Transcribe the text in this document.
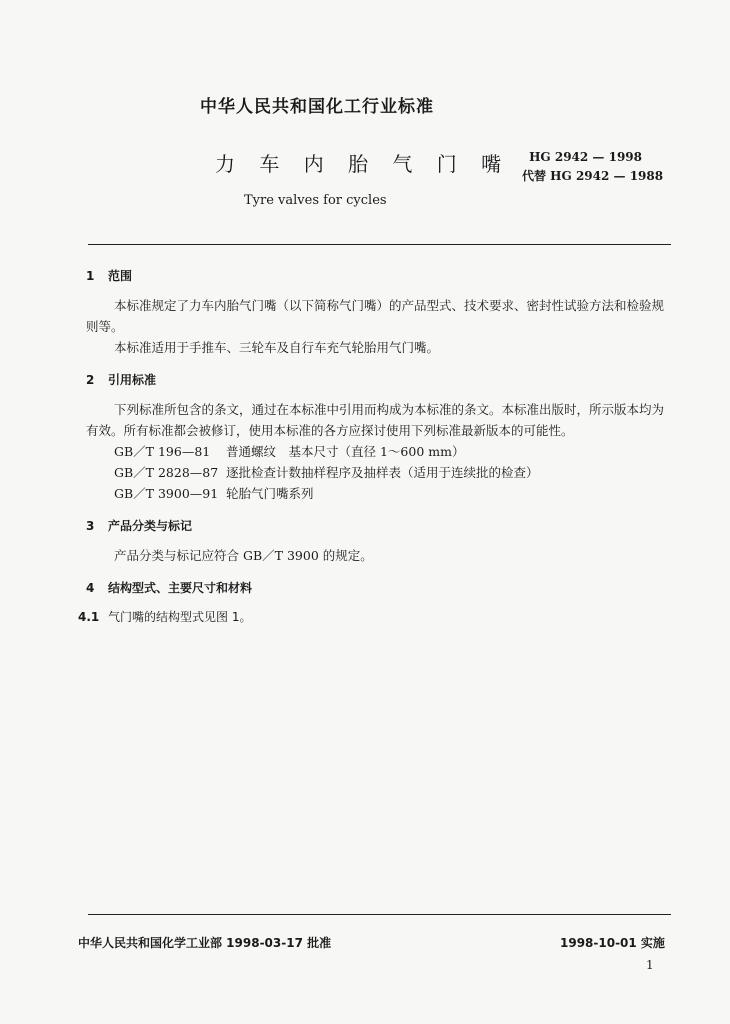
中华人民共和国化工行业标准
力 车 内 胎 气 门 嘴	HG 2942 — 1998
代替 HG 2942 — 1988
Tyre valves for cycles
1 范围

本标准规定了力车内胎气门嘴（以下简称气门嘴）的产品型式、技术要求、密封性试验方法和检验规则等。

本标准适用于手推车、三轮车及自行车充气轮胎用气门嘴。

2 引用标准

下列标准所包含的条文，通过在本标准中引用而构成为本标准的条文。本标准出版时，所示版本均为有效。所有标准都会被修订，使用本标准的各方应探讨使用下列标准最新版本的可能性。

GB／T 196—81 普通螺纹　基本尺寸（直径 1～600 mm）
GB／T 2828—87 逐批检查计数抽样程序及抽样表（适用于连续批的检查）
GB／T 3900—91 轮胎气门嘴系列
3 产品分类与标记

产品分类与标记应符合 GB／T 3900 的规定。

4 结构型式、主要尺寸和材料
4.1 气门嘴的结构型式见图 1。
中华人民共和国化学工业部 1998-03-17 批准	1998-10-01 实施
1
